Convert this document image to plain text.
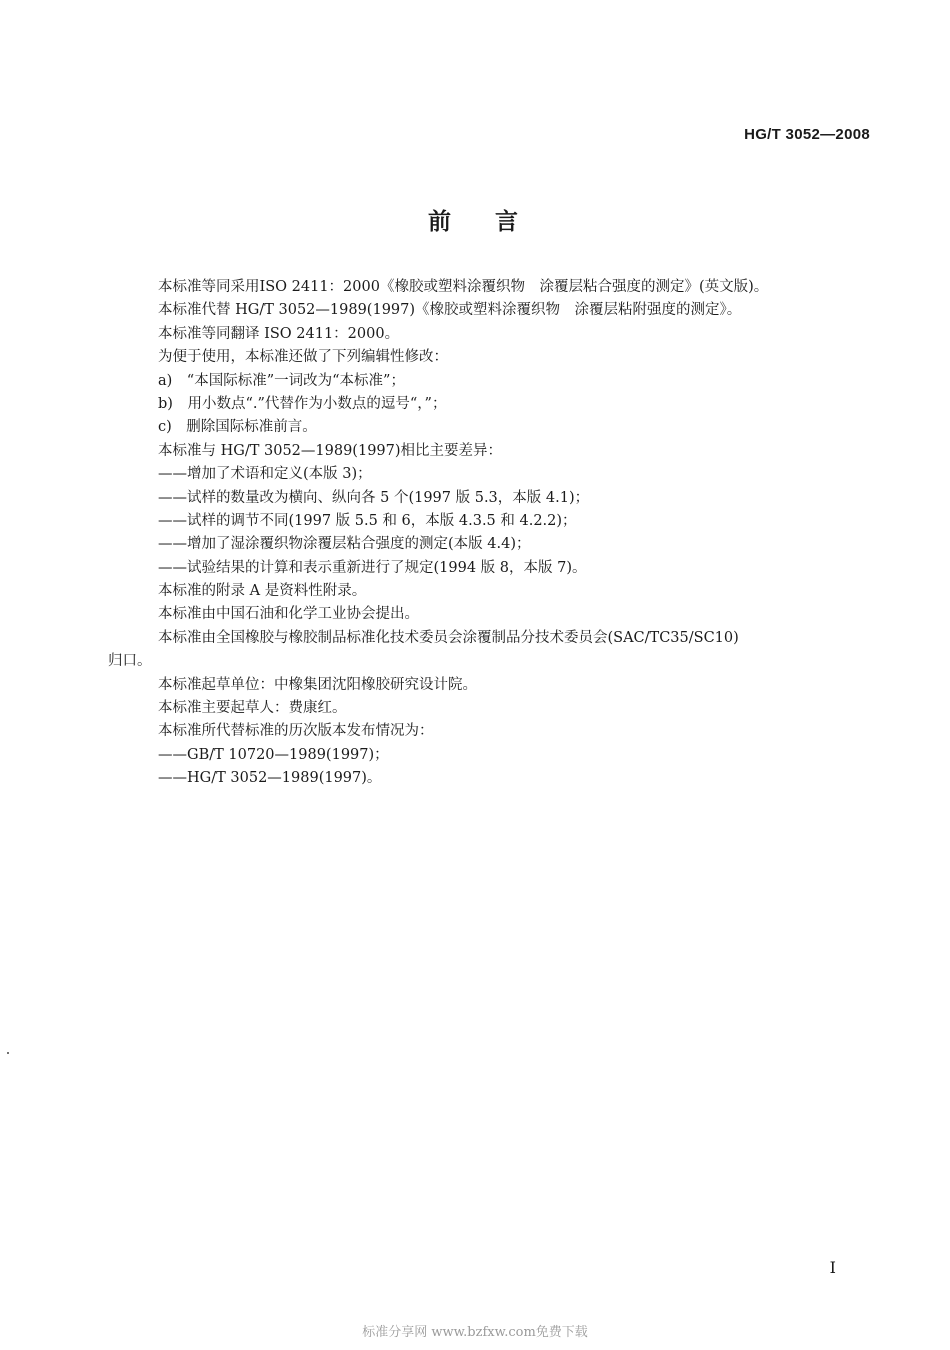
HG/T 3052—2008
前言
本标准等同采用ISO 2411：2000《橡胶或塑料涂覆织物　涂覆层粘合强度的测定》(英文版)。
本标准代替 HG/T 3052—1989(1997)《橡胶或塑料涂覆织物　涂覆层粘附强度的测定》。
本标准等同翻译 ISO 2411：2000。
为便于使用，本标准还做了下列编辑性修改：
a)　“本国际标准”一词改为“本标准”；
b)　用小数点“.”代替作为小数点的逗号“，”；
c)　删除国际标准前言。
本标准与 HG/T 3052—1989(1997)相比主要差异：
——增加了术语和定义(本版 3)；
——试样的数量改为横向、纵向各 5 个(1997 版 5.3，本版 4.1)；
——试样的调节不同(1997 版 5.5 和 6，本版 4.3.5 和 4.2.2)；
——增加了湿涂覆织物涂覆层粘合强度的测定(本版 4.4)；
——试验结果的计算和表示重新进行了规定(1994 版 8，本版 7)。
本标准的附录 A 是资料性附录。
本标准由中国石油和化学工业协会提出。
本标准由全国橡胶与橡胶制品标准化技术委员会涂覆制品分技术委员会(SAC/TC35/SC10)
归口。
本标准起草单位：中橡集团沈阳橡胶研究设计院。
本标准主要起草人：费康红。
本标准所代替标准的历次版本发布情况为：
——GB/T 10720—1989(1997)；
——HG/T 3052—1989(1997)。
I
标准分享网 www.bzfxw.com免费下载
